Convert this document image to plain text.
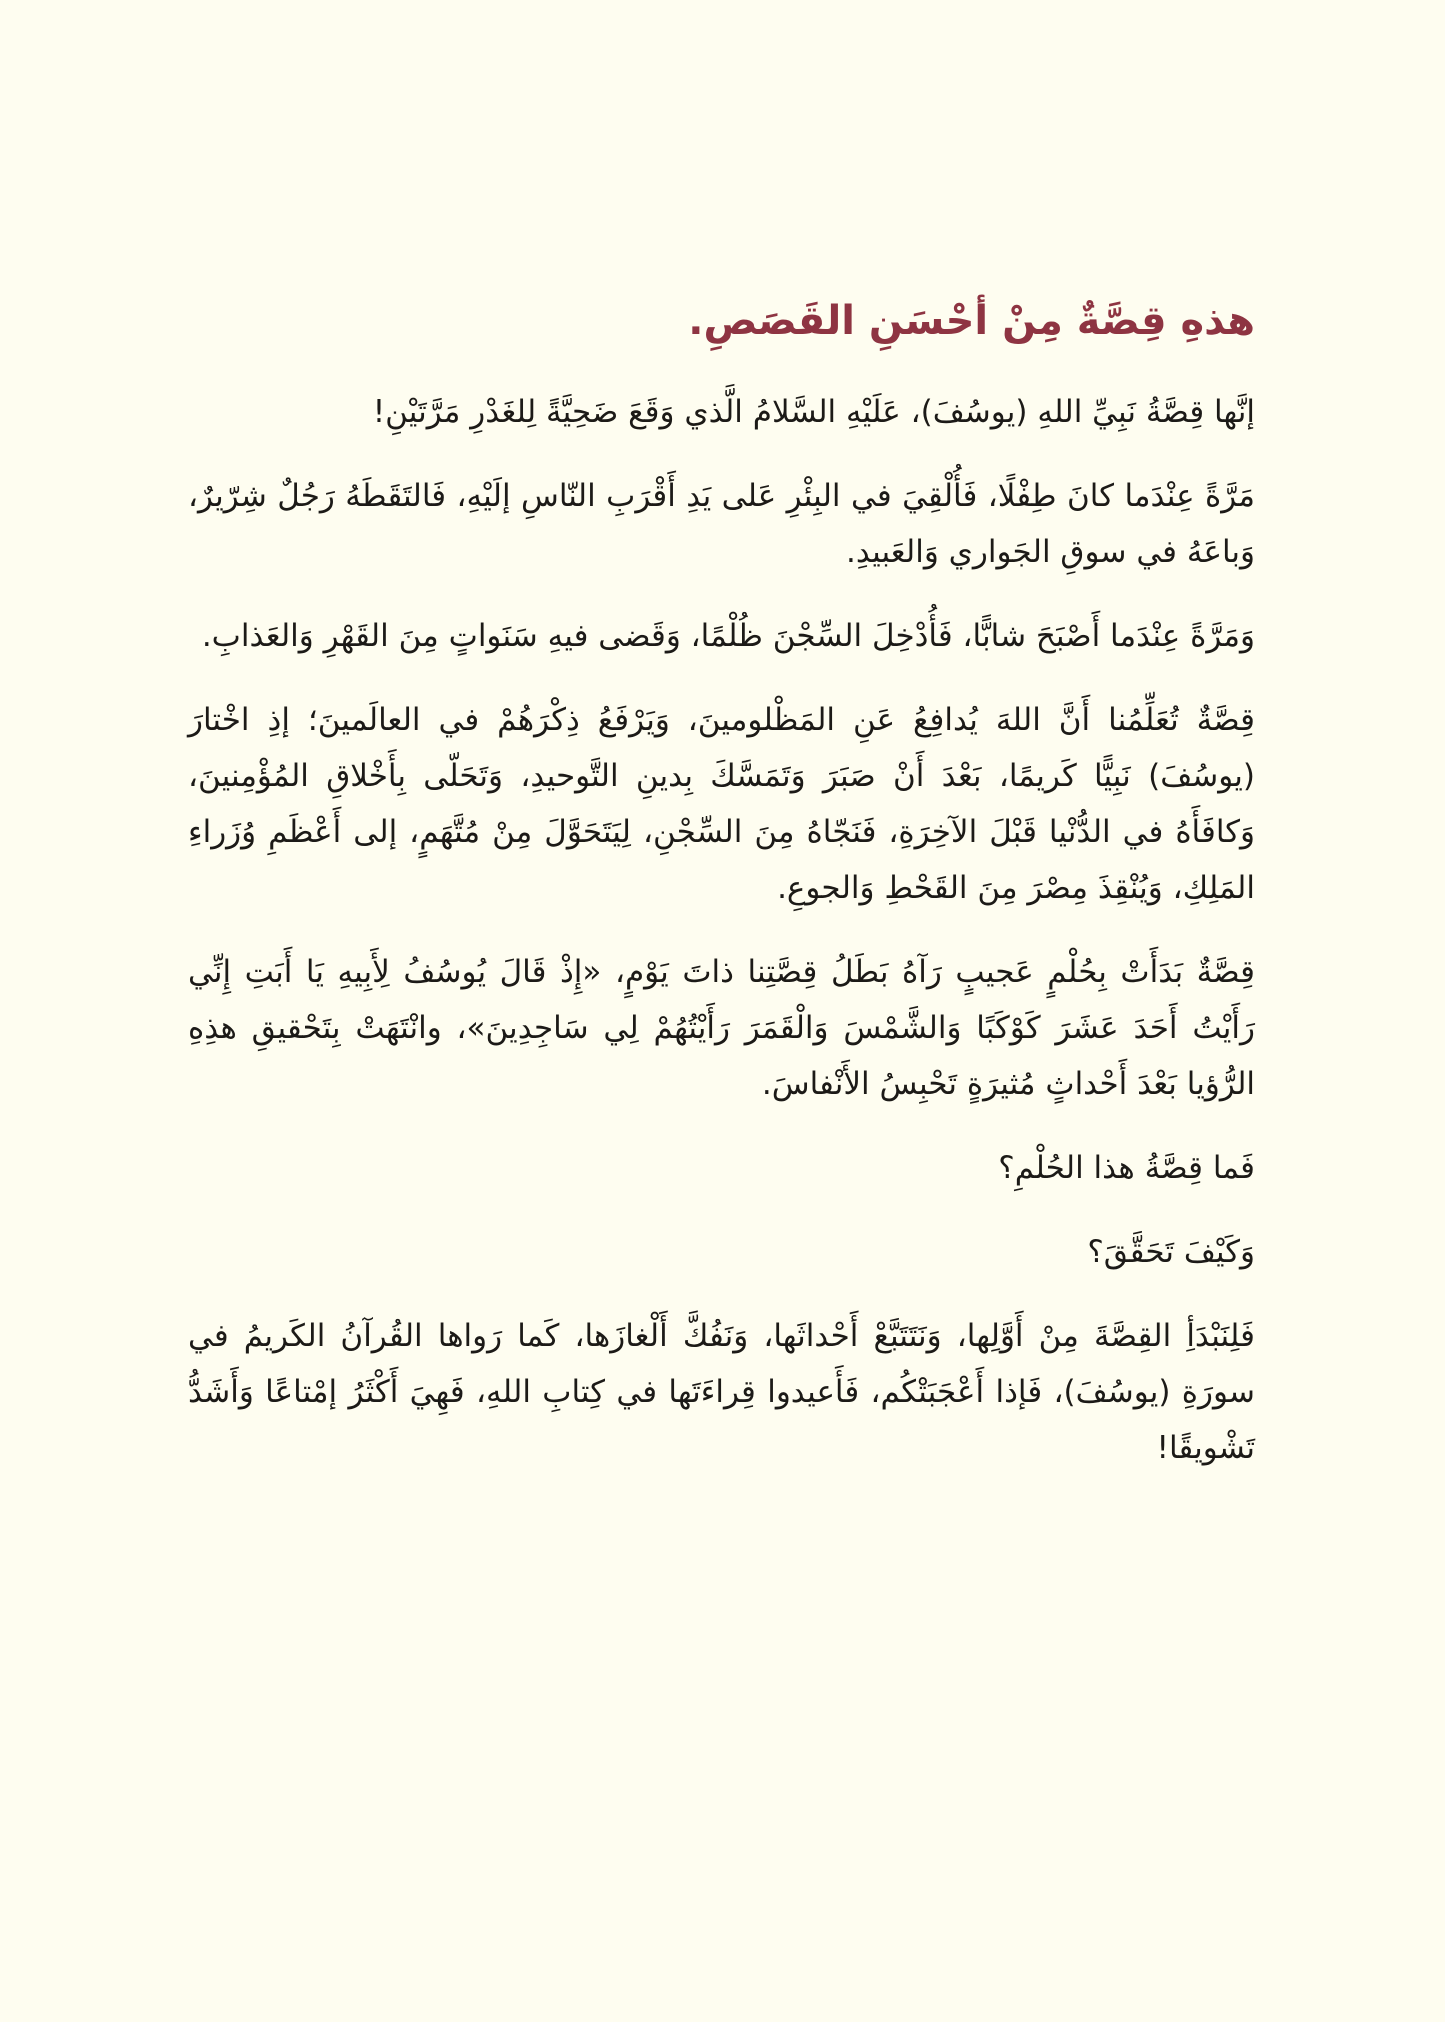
هذهِ قِصَّةٌ مِنْ أحْسَنِ القَصَصِ.

إنَّها قِصَّةُ نَبِيِّ اللهِ (يوسُفَ)، عَلَيْهِ السَّلامُ الَّذي وَقَعَ ضَحِيَّةً لِلغَدْرِ مَرَّتَيْنِ!

مَرَّةً عِنْدَما كانَ طِفْلًا، فَأُلْقِيَ في البِئْرِ عَلى يَدِ أَقْرَبِ النّاسِ إلَيْهِ، فَالتَقَطَهُ رَجُلٌ شِرّيرٌ، وَباعَهُ في سوقِ الجَواري وَالعَبيدِ.

وَمَرَّةً عِنْدَما أَصْبَحَ شابًّا، فَأُدْخِلَ السِّجْنَ ظُلْمًا، وَقَضى فيهِ سَنَواتٍ مِنَ القَهْرِ وَالعَذابِ.

قِصَّةٌ تُعَلِّمُنا أَنَّ اللهَ يُدافِعُ عَنِ المَظْلومينَ، وَيَرْفَعُ ذِكْرَهُمْ في العالَمينَ؛ إذِ اخْتارَ (يوسُفَ) نَبِيًّا كَريمًا، بَعْدَ أَنْ صَبَرَ وَتَمَسَّكَ بِدينِ التَّوحيدِ، وَتَحَلّى بِأَخْلاقِ المُؤْمِنينَ، وَكافَأَهُ في الدُّنْيا قَبْلَ الآخِرَةِ، فَنَجّاهُ مِنَ السِّجْنِ، لِيَتَحَوَّلَ مِنْ مُتَّهَمٍ، إلى أَعْظَمِ وُزَراءِ المَلِكِ، وَيُنْقِذَ مِصْرَ مِنَ القَحْطِ وَالجوعِ.

قِصَّةٌ بَدَأَتْ بِحُلْمٍ عَجيبٍ رَآهُ بَطَلُ قِصَّتِنا ذاتَ يَوْمٍ، «إِذْ قَالَ يُوسُفُ لِأَبِيهِ يَا أَبَتِ إِنِّي رَأَيْتُ أَحَدَ عَشَرَ كَوْكَبًا وَالشَّمْسَ وَالْقَمَرَ رَأَيْتُهُمْ لِي سَاجِدِينَ»، وانْتَهَتْ بِتَحْقيقِ هذِهِ الرُّؤيا بَعْدَ أَحْداثٍ مُثيرَةٍ تَحْبِسُ الأَنْفاسَ.

فَما قِصَّةُ هذا الحُلْمِ؟

وَكَيْفَ تَحَقَّقَ؟

فَلِنَبْدَأِ القِصَّةَ مِنْ أَوَّلِها، وَنَتَتَبَّعْ أَحْداثَها، وَنَفُكَّ أَلْغازَها، كَما رَواها القُرآنُ الكَريمُ في سورَةِ (يوسُفَ)، فَإذا أَعْجَبَتْكُم، فَأَعيدوا قِراءَتَها في كِتابِ اللهِ، فَهِيَ أَكْثَرُ إمْتاعًا وَأَشَدُّ تَشْويقًا!
